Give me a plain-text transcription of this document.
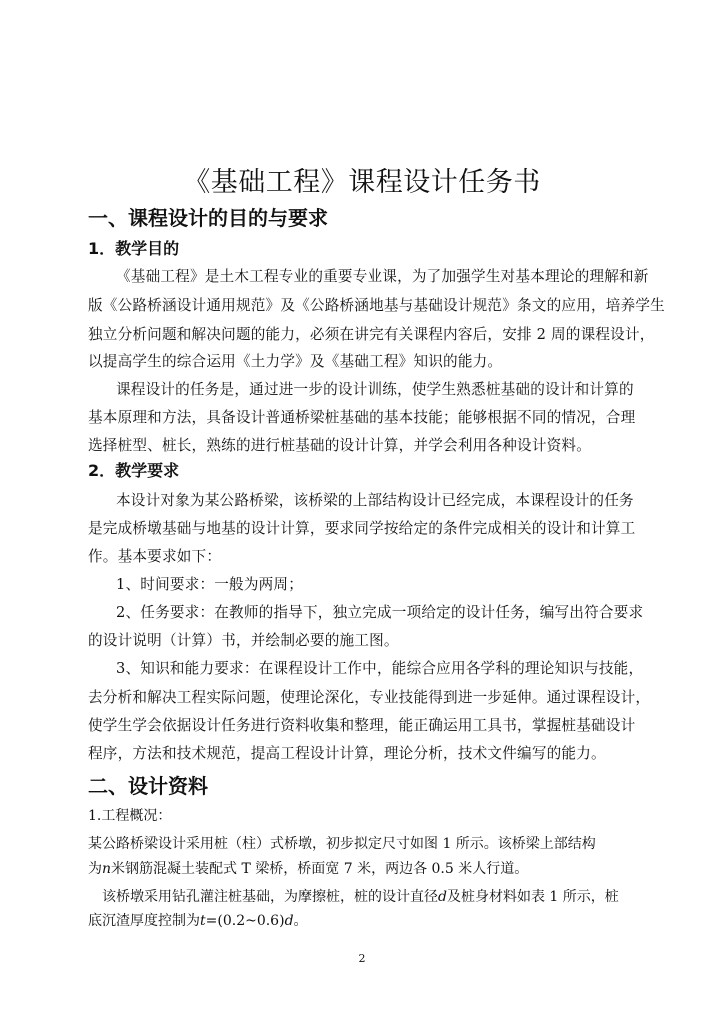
《基础工程》课程设计任务书
一、课程设计的目的与要求
1．教学目的
《基础工程》是土木工程专业的重要专业课，为了加强学生对基本理论的理解和新
版《公路桥涵设计通用规范》及《公路桥涵地基与基础设计规范》条文的应用，培养学生
独立分析问题和解决问题的能力，必须在讲完有关课程内容后，安排 2 周的课程设计，
以提高学生的综合运用《土力学》及《基础工程》知识的能力。
课程设计的任务是，通过进一步的设计训练，使学生熟悉桩基础的设计和计算的
基本原理和方法，具备设计普通桥梁桩基础的基本技能；能够根据不同的情况，合理
选择桩型、桩长，熟练的进行桩基础的设计计算，并学会利用各种设计资料。
2．教学要求
本设计对象为某公路桥梁，该桥梁的上部结构设计已经完成，本课程设计的任务
是完成桥墩基础与地基的设计计算，要求同学按给定的条件完成相关的设计和计算工
作。基本要求如下：
1、时间要求：一般为两周；
2、任务要求：在教师的指导下，独立完成一项给定的设计任务，编写出符合要求
的设计说明（计算）书，并绘制必要的施工图。
3、知识和能力要求：在课程设计工作中，能综合应用各学科的理论知识与技能，
去分析和解决工程实际问题，使理论深化，专业技能得到进一步延伸。通过课程设计，
使学生学会依据设计任务进行资料收集和整理，能正确运用工具书，掌握桩基础设计
程序，方法和技术规范，提高工程设计计算，理论分析，技术文件编写的能力。
二、设计资料
1.工程概况：
某公路桥梁设计采用桩（柱）式桥墩，初步拟定尺寸如图 1 所示。该桥梁上部结构
为n米钢筋混凝土装配式 T 梁桥，桥面宽 7 米，两边各 0.5 米人行道。
该桥墩采用钻孔灌注桩基础，为摩擦桩，桩的设计直径d及桩身材料如表 1 所示，桩
底沉渣厚度控制为t=(0.2~0.6)d。
2
